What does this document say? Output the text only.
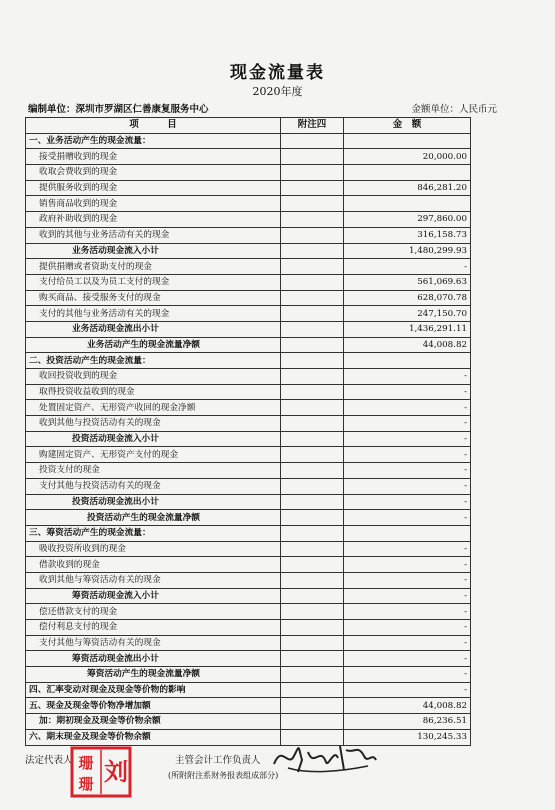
现金流量表
2020年度
编制单位：深圳市罗湖区仁善康复服务中心	金额单位：人民币元
项　　　目	附注四	金　额
一、业务活动产生的现金流量：		
接受捐赠收到的现金		20,000.00
收取会费收到的现金		
提供服务收到的现金		846,281.20
销售商品收到的现金		
政府补助收到的现金		297,860.00
收到的其他与业务活动有关的现金		316,158.73
业务活动现金流入小计		1,480,299.93
提供捐赠或者资助支付的现金		-
支付给员工以及为员工支付的现金		561,069.63
购买商品、接受服务支付的现金		628,070.78
支付的其他与业务活动有关的现金		247,150.70
业务活动现金流出小计		1,436,291.11
业务活动产生的现金流量净额		44,008.82
二、投资活动产生的现金流量：		
收回投资收到的现金		-
取得投资收益收到的现金		-
处置固定资产、无形资产收回的现金净额		-
收到其他与投资活动有关的现金		-
投资活动现金流入小计		-
购建固定资产、无形资产支付的现金		-
投资支付的现金		-
支付其他与投资活动有关的现金		-
投资活动现金流出小计		-
投资活动产生的现金流量净额		-
三、筹资活动产生的现金流量：		
吸收投资所收到的现金		-
借款收到的现金		-
收到其他与筹资活动有关的现金		-
筹资活动现金流入小计		-
偿还借款支付的现金		-
偿付利息支付的现金		-
支付其他与筹资活动有关的现金		-
筹资活动现金流出小计		-
筹资活动产生的现金流量净额		-
四、汇率变动对现金及现金等价物的影响		-
五、现金及现金等价物净增加额		44,008.82
加：期初现金及现金等价物余额		86,236.51
六、期末现金及现金等价物余额		130,245.33
法定代表人	主管会计工作负责人
(所附附注系财务报表组成部分)
珊
珊 刘
